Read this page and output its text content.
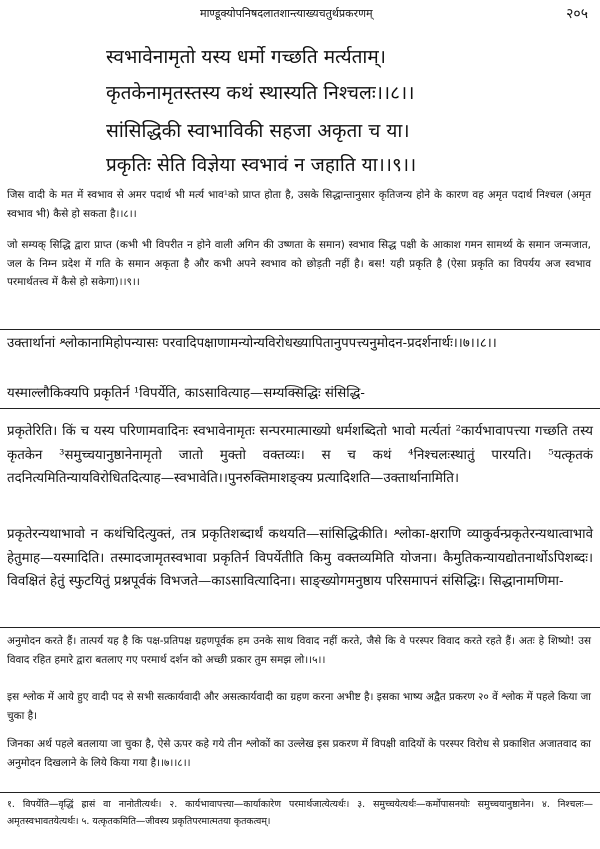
माण्डूक्योपनिषदलातशान्त्याख्यचतुर्थप्रकरणम्	२०५

स्वभावेनामृतो यस्य धर्मो गच्छति मर्त्यताम्।

कृतकेनामृतस्तस्य कथं स्थास्यति निश्चलः।।८।।

सांसिद्धिकी स्वाभाविकी सहजा अकृता च या।

प्रकृतिः सेति विज्ञेया स्वभावं न जहाति या।।९।।

जिस वादी के मत में स्वभाव से अमर पदार्थ भी मर्त्य भाव¹को प्राप्त होता है, उसके सिद्धान्तानुसार कृतिजन्य होने के कारण वह अमृत पदार्थ निश्चल (अमृत स्वभाव भी) कैसे हो सकता है।।८।।

जो सम्यक् सिद्धि द्वारा प्राप्त (कभी भी विपरीत न होने वाली अगिन की उष्णता के समान) स्वभाव सिद्ध पक्षी के आकाश गमन सामर्थ्य के समान जन्मजात, जल के निम्न प्रदेश में गति के समान अकृता है और कभी अपने स्वभाव को छोड़ती नहीं है। बस! यही प्रकृति है (ऐसा प्रकृति का विपर्यय अज स्वभाव परमार्थतत्त्व में कैसे हो सकेगा)।।९।।

उक्तार्थानां श्लोकानामिहोपन्यासः परवादिपक्षाणामन्योन्यविरोधख्यापितानुपपत्त्यनुमोदन-प्रदर्शनार्थः।।७।।८।।

यस्माल्लौकिक्यपि प्रकृतिर्न ¹विपर्येति, काऽसावित्याह—सम्यक्सिद्धिः संसिद्धि-

प्रकृतेरिति। किं च यस्य परिणामवादिनः स्वभावेनामृतः सन्परमात्माख्यो धर्मशब्दितो भावो मर्त्यतां ²कार्यभावापत्त्या गच्छति तस्य कृतकेन ³समुच्चयानुष्ठानेनामृतो जातो मुक्तो वक्तव्यः। स च कथं ⁴निश्चलःस्थातुं पारयति। ⁵यत्कृतकं तदनित्यमितिन्यायविरोधितदित्याह—स्वभावेति।।पुनरुक्तिमाशङ्क्य प्रत्यादिशति—उक्तार्थानामिति।

प्रकृतेरन्यथाभावो न कथंचिदित्युक्तं, तत्र प्रकृतिशब्दार्थं कथयति—सांसिद्धिकीति। श्लोका-क्षराणि व्याकुर्वन्प्रकृतेरन्यथात्वाभावे हेतुमाह—यस्मादिति। तस्मादजामृतस्वभावा प्रकृतिर्न विपर्येतीति किमु वक्तव्यमिति योजना। कैमुतिकन्यायद्योतनार्थोऽपिशब्दः। विवक्षितं हेतुं स्फुटयितुं प्रश्नपूर्वकं विभजते—काऽसावित्यादिना। साङ्ख्योगमनुष्ठाय परिसमापनं संसिद्धिः। सिद्धानामणिमा-

अनुमोदन करते हैं। तात्पर्य यह है कि पक्ष-प्रतिपक्ष ग्रहणपूर्वक हम उनके साथ विवाद नहीं करते, जैसे कि वे परस्पर विवाद करते रहते हैं। अतः हे शिष्यो! उस विवाद रहित हमारे द्वारा बतलाए गए परमार्थ दर्शन को अच्छी प्रकार तुम समझ लो।।५।।

इस श्लोक में आये हुए वादी पद से सभी सत्कार्यवादी और असत्कार्यवादी का ग्रहण करना अभीष्ट है। इसका भाष्य अद्वैत प्रकरण २० वें श्लोक में पहले किया जा चुका है।

जिनका अर्थ पहले बतलाया जा चुका है, ऐसे ऊपर कहे गये तीन श्लोकों का उल्लेख इस प्रकरण में विपक्षी वादियों के परस्पर विरोध से प्रकाशित अजातवाद का अनुमोदन दिखलाने के लिये किया गया है।।७।।८।।

१. विपर्येति—वृद्धिं ह्रासं वा नानोतीत्यर्थः। २. कार्यभावापत्त्या—कार्याकारेण परमार्थजात्येत्यर्थः। ३. समुच्चयेत्यर्थः—कर्मोपासनयोः समुच्चयानुष्ठानेन। ४. निश्चलः—अमृतस्वभावतयेत्यर्थः। ५. यत्कृतकमिति—जीवस्य प्रकृतिपरमात्मतया कृतकत्वम्।
